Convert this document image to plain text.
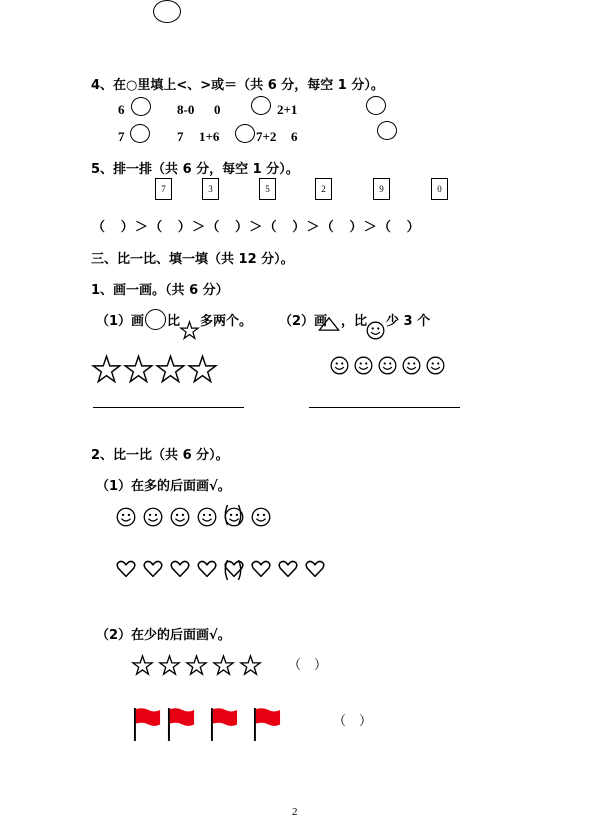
4、在○里填上<、>或＝（共 6 分，每空 1 分）。
6	8-0 0	2+1
7	7 1+6	7+2 6
5、排一排（共 6 分，每空 1 分）。
7	3	5	2	9	0
（　）＞（　）＞（　）＞（　）＞（　）＞（　）
三、比一比、填一填（共 12 分）。
1、画一画。（共 6 分）
（1）画 比 多两个。 （2）画 ，比 少 3 个
2、比一比（共 6 分）。
（1）在多的后面画√。
（2）在少的后面画√。
（　）
（　）
2
